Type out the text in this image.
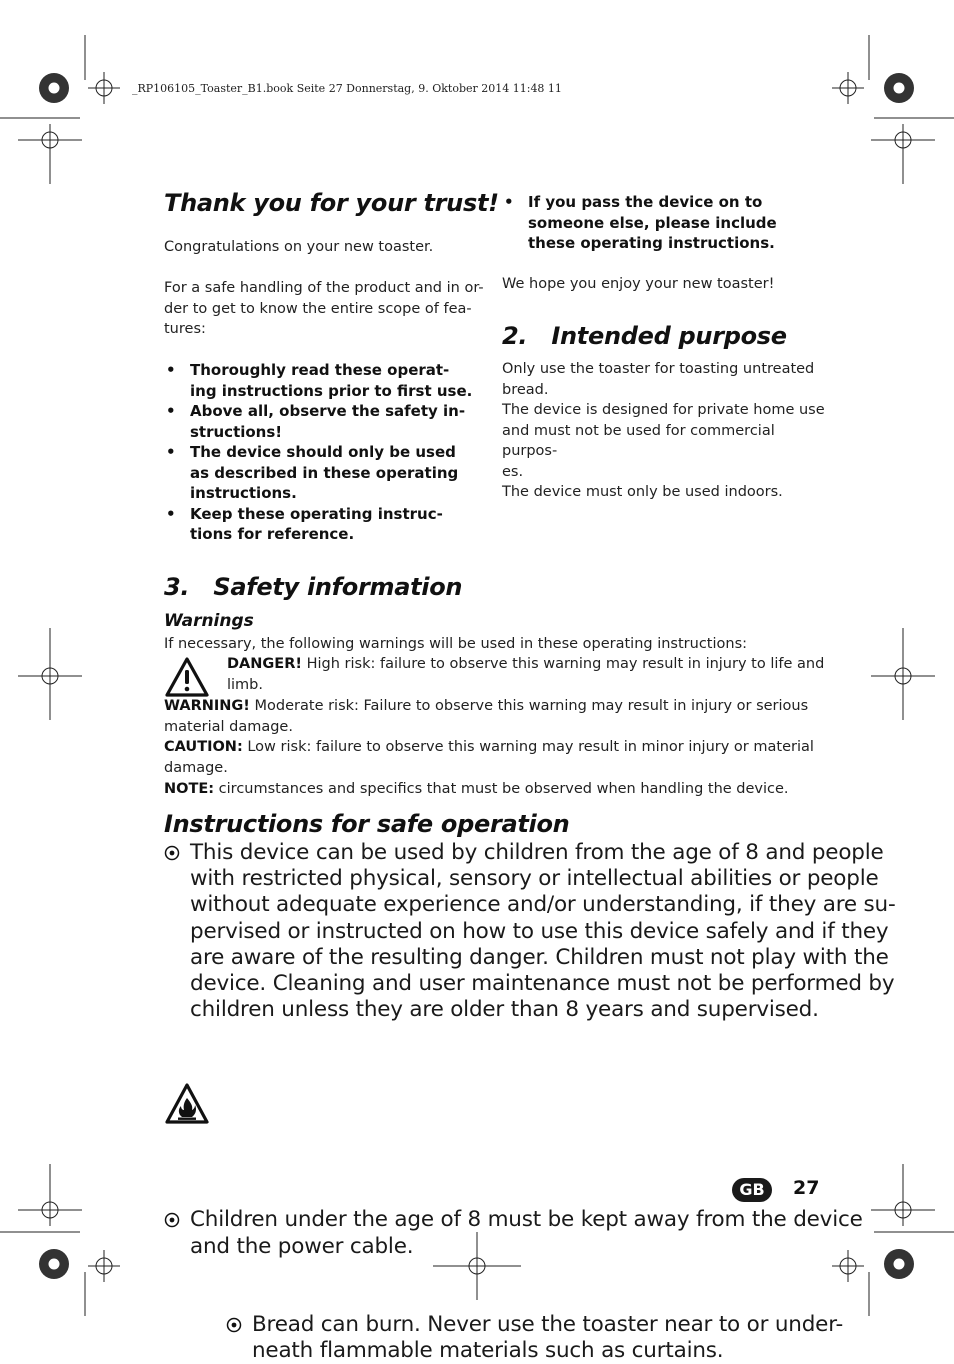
_RP106105_Toaster_B1.book Seite 27 Donnerstag, 9. Oktober 2014 11:48 11
Thank you for your trust!

Congratulations on your new toaster.

For a safe handling of the product and in or-

der to get to know the entire scope of fea-

tures:

• Thoroughly read these operat-
ing instructions prior to first use.
• Above all, observe the safety in-
structions!
• The device should only be used
as described in these operating
instructions.
• Keep these operating instruc-
tions for reference.
• If you pass the device on to
someone else, please include
these operating instructions.

We hope you enjoy your new toaster!

2.   Intended purpose

Only use the toaster for toasting untreated

bread.

The device is designed for private home use

and must not be used for commercial purpos-

es.

The device must only be used indoors.

3.   Safety information
Warnings

If necessary, the following warnings will be used in these operating instructions:

DANGER! High risk: failure to observe this warning may result in injury to life and

limb.

WARNING! Moderate risk: Failure to observe this warning may result in injury or serious

material damage.

CAUTION: Low risk: failure to observe this warning may result in minor injury or material

damage.

NOTE: circumstances and specifics that must be observed when handling the device.

Instructions for safe operation

This device can be used by children from the age of 8 and people

with restricted physical, sensory or intellectual abilities or people

without adequate experience and/or understanding, if they are su-

pervised or instructed on how to use this device safely and if they

are aware of the resulting danger. Children must not play with the

device. Cleaning and user maintenance must not be performed by

children unless they are older than 8 years and supervised.

Children under the age of 8 must be kept away from the device

and the power cable.

Bread can burn. Never use the toaster near to or under-

neath flammable materials such as curtains.

GB	27
